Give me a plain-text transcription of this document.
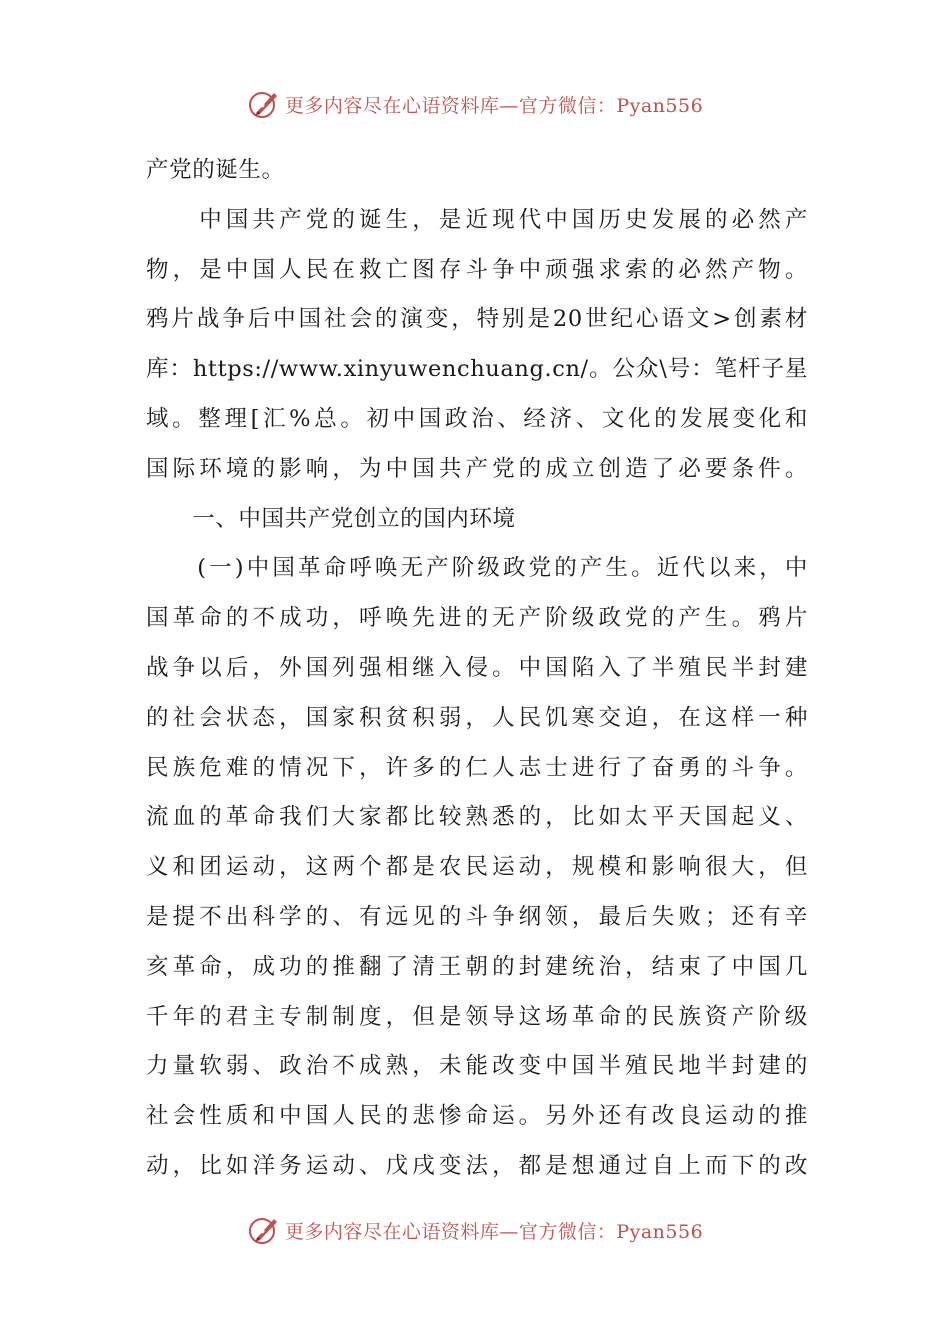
更多内容尽在心语资料库—官方微信：Pyan556
产党的诞生。
　　中国共产党的诞生，是近现代中国历史发展的必然产
物，是中国人民在救亡图存斗争中顽强求索的必然产物。
鸦片战争后中国社会的演变，特别是20世纪心语文>创素材
库：https://www.xinyuwenchuang.cn/。公众\号：笔杆子星
域。整理[汇%总。初中国政治、经济、文化的发展变化和
国际环境的影响，为中国共产党的成立创造了必要条件。
　　一、中国共产党创立的国内环境
　　(一)中国革命呼唤无产阶级政党的产生。近代以来，中
国革命的不成功，呼唤先进的无产阶级政党的产生。鸦片
战争以后，外国列强相继入侵。中国陷入了半殖民半封建
的社会状态，国家积贫积弱，人民饥寒交迫，在这样一种
民族危难的情况下，许多的仁人志士进行了奋勇的斗争。
流血的革命我们大家都比较熟悉的，比如太平天国起义、
义和团运动，这两个都是农民运动，规模和影响很大，但
是提不出科学的、有远见的斗争纲领，最后失败；还有辛
亥革命，成功的推翻了清王朝的封建统治，结束了中国几
千年的君主专制制度，但是领导这场革命的民族资产阶级
力量软弱、政治不成熟，未能改变中国半殖民地半封建的
社会性质和中国人民的悲惨命运。另外还有改良运动的推
动，比如洋务运动、戊戌变法，都是想通过自上而下的改
更多内容尽在心语资料库—官方微信：Pyan556
